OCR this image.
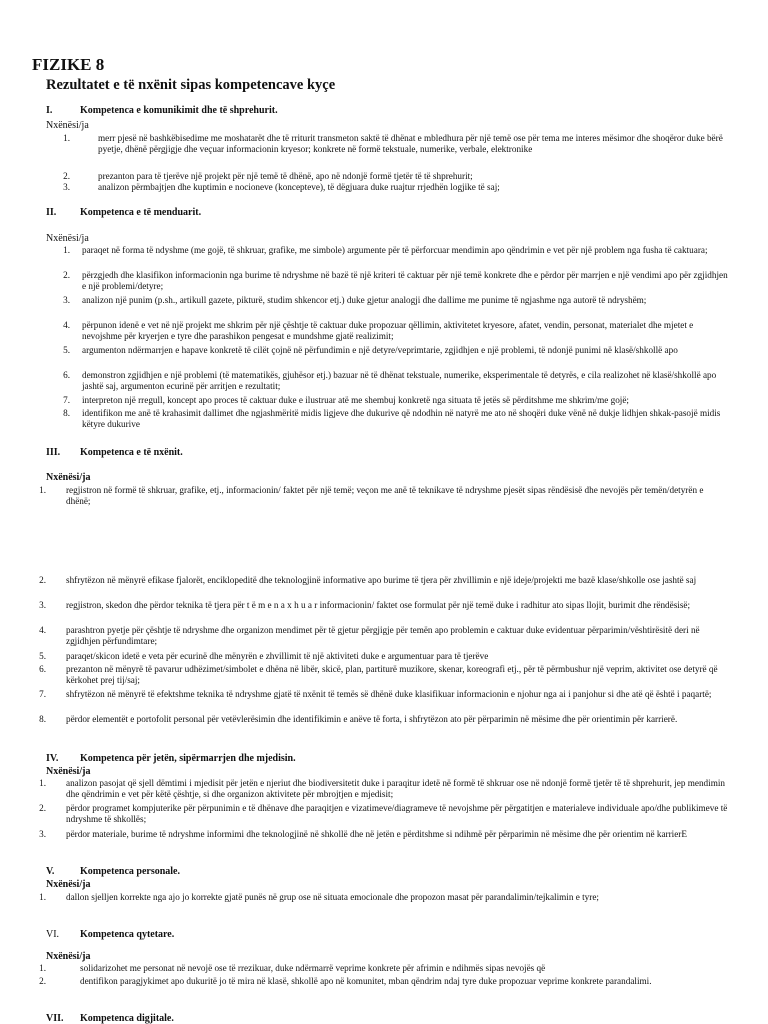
FIZIKE 8
Rezultatet e të nxënit sipas kompetencave kyçe
I.	Kompetenca e komunikimit dhe të shprehurit.
Nxënësi/ja
1.	merr pjesë në bashkëbisedime me moshatarët dhe të rriturit transmeton saktë të dhënat e mbledhura për një temë ose për tema me interes mësimor dhe shoqëror duke bërë pyetje, dhënë përgjigje dhe veçuar informacionin kryesor; konkrete në formë tekstuale, numerike, verbale, elektronike
2.	prezanton para të tjerëve një projekt për një temë të dhënë, apo në ndonjë formë tjetër të të shprehurit;
3.	analizon përmbajtjen dhe kuptimin e nocioneve (koncepteve), të dëgjuara duke ruajtur rrjedhën logjike të saj;
II. Kompetenca e të menduarit.
Nxënësi/ja
1. paraqet në forma të ndyshme (me gojë, të shkruar, grafike, me simbole) argumente për të përforcuar mendimin apo qëndrimin e vet për një problem nga fusha të caktuara;
2. përzgjedh dhe klasifikon informacionin nga burime të ndryshme në bazë të një kriteri të caktuar për një temë konkrete dhe e përdor për marrjen e një vendimi apo për zgjidhjen e një problemi/detyre;
3. analizon një punim (p.sh., artikull gazete, pikturë, studim shkencor etj.) duke gjetur analogji dhe dallime me punime të ngjashme nga autorë të ndryshëm;
4. përpunon idenë e vet në një projekt me shkrim për një çështje të caktuar duke propozuar qëllimin, aktivitetet kryesore, afatet, vendin, personat, materialet dhe mjetet e nevojshme për kryerjen e tyre dhe parashikon pengesat e mundshme gjatë realizimit;
5. argumenton ndërmarrjen e hapave konkretë të cilët çojnë në përfundimin e një detyre/veprimtarie, zgjidhjen e një problemi, të ndonjë punimi në klasë/shkollë apo
6. demonstron zgjidhjen e një problemi (të matematikës, gjuhësor etj.) bazuar në të dhënat tekstuale, numerike, eksperimentale të detyrës, e cila realizohet në klasë/shkollë apo jashtë saj, argumenton ecurinë për arritjen e rezultatit;
7. interpreton një rregull, koncept apo proces të caktuar duke e ilustruar atë me shembuj konkretë nga situata të jetës së përditshme me shkrim/me gojë;
8. identifikon me anë të krahasimit dallimet dhe ngjashmëritë midis ligjeve dhe dukurive që ndodhin në natyrë me ato në shoqëri duke vënë në dukje lidhjen shkak-pasojë midis këtyre dukurive
III. Kompetenca e të nxënit.
Nxënësi/ja
1. regjistron në formë të shkruar, grafike, etj., informacionin/ faktet për një temë; veçon me anë të teknikave të ndryshme pjesët sipas rëndësisë dhe nevojës për temën/detyrën e dhënë;
2. shfrytëzon në mënyrë efikase fjalorët, enciklopeditë dhe teknologjinë informative apo burime të tjera për zhvillimin e një ideje/projekti me bazë klase/shkolle ose jashtë saj
3. regjistron, skedon dhe përdor teknika të tjera për t ë m e n a x h u a r informacionin/ faktet ose formulat për një temë duke i radhitur ato sipas llojit, burimit dhe rëndësisë;
4. parashtron pyetje për çështje të ndryshme dhe organizon mendimet për të gjetur përgjigje për temën apo problemin e caktuar duke evidentuar përparimin/vështirësitë deri në zgjidhjen përfundimtare;
5. paraqet/skicon idetë e veta për ecurinë dhe mënyrën e zhvillimit të një aktiviteti duke e argumentuar para të tjerëve
6. prezanton në mënyrë të pavarur udhëzimet/simbolet e dhëna në libër, skicë, plan, partiturë muzikore, skenar, koreografi etj., për të përmbushur një veprim, aktivitet ose detyrë që kërkohet prej tij/saj;
7. shfrytëzon në mënyrë të efektshme teknika të ndryshme gjatë të nxënit të temës së dhënë duke klasifikuar informacionin e njohur nga ai i panjohur si dhe atë që është i paqartë;
8. përdor elementët e portofolit personal për vetëvlerësimin dhe identifikimin e anëve të forta, i shfrytëzon ato për përparimin në mësime dhe për orientimin për karrierë.
IV. Kompetenca për jetën, sipërmarrjen dhe mjedisin.
Nxënësi/ja
1. analizon pasojat që sjell dëmtimi i mjedisit për jetën e njeriut dhe biodiversitetit duke i paraqitur idetë në formë të shkruar ose në ndonjë formë tjetër të të shprehurit, jep mendimin dhe qëndrimin e vet për këtë çështje, si dhe organizon aktivitete për mbrojtjen e mjedisit;
2. përdor programet kompjuterike për përpunimin e të dhënave dhe paraqitjen e vizatimeve/diagrameve të nevojshme për përgatitjen e materialeve individuale apo/dhe publikimeve të ndryshme të shkollës;
3. përdor materiale, burime të ndryshme informimi dhe teknologjinë në shkollë dhe në jetën e përditshme si ndihmë për përparimin në mësime dhe për orientim në karrierE
V.	Kompetenca personale.
Nxënësi/ja
1. dallon sjelljen korrekte nga ajo jo korrekte gjatë punës në grup ose në situata emocionale dhe propozon masat për parandalimin/tejkalimin e tyre;
VI. Kompetenca qytetare.
Nxënësi/ja
1.	solidarizohet me personat në nevojë ose të rrezikuar, duke ndërmarrë veprime konkrete për afrimin e ndihmës sipas nevojës që
2.	dentifikon paragjykimet apo dukuritë jo të mira në klasë, shkollë apo në komunitet, mban qëndrim ndaj tyre duke propozuar veprime konkrete parandalimi.
VII. Kompetenca digjitale.
